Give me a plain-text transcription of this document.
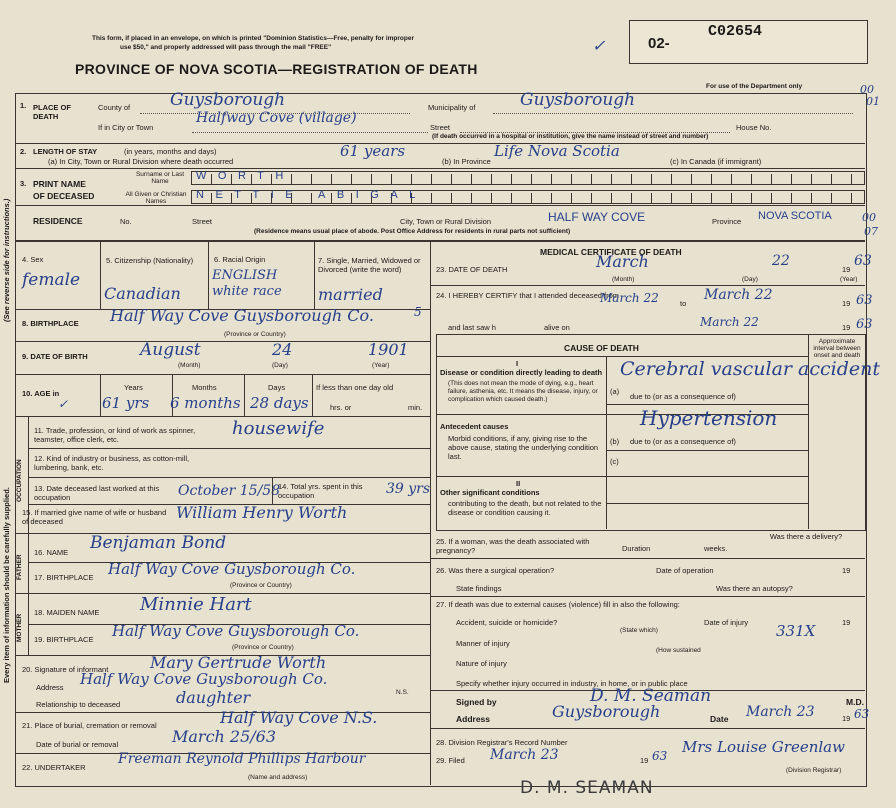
Every item of information should be carefully supplied.
(See reverse side for instructions.)
This form, if placed in an envelope, on which is printed "Dominion Statistics—Free, penalty for improper
use $50," and properly addressed will pass through the mail "FREE"
PROVINCE OF NOVA SCOTIA—REGISTRATION OF DEATH
✓	02-
C02654
For use of the Department only	00
01
1. PLACE OF DEATH
County of Guysborough	Municipality of	Guysborough
If in City or Town
Halfway Cove (village)
Street	House No.
(If death occurred in a hospital or institution, give the name instead of street and number)
2. LENGTH OF STAY	(in years, months and days)
(a) In City, Town or Rural Division where death occurred
61 years
(b) In Province
Life Nova Scotia
(c) In Canada (if immigrant)
3. PRINT NAME
OF DECEASED
Surname or Last Name
All Given or Christian Names
WORTH
NETTIE ABIGAL
RESIDENCE	No.	Street	City, Town or Rural Division	HALF WAY COVE	Province NOVA SCOTIA
(Residence means usual place of abode. Post Office Address for residents in rural parts not sufficient)
00
07
4. Sex
female
5. Citizenship (Nationality)
Canadian
6. Racial Origin
ENGLISH white race
7. Single, Married, Widowed or Divorced (write the word)
married
8. BIRTHPLACE Half Way Cove Guysborough Co.
(Province or Country)
9. DATE OF BIRTH	August	24	1901
(Month)	(Day)	(Year)
10. AGE in
Years	Months	Days
61 yrs 6 months 28 days
If less than one day old
hrs. or	min.
✓
OCCUPATION
11. Trade, profession, or kind of work as spinner, teamster, office clerk, etc.
housewife
12. Kind of industry or business, as cotton-mill, lumbering, bank, etc.
13. Date deceased last worked at this occupation	October 15/58
14. Total yrs. spent in this occupation	39 yrs
15. If married give name of wife or husband of deceased	William Henry Worth
FATHER
16. NAME Benjaman Bond
17. BIRTHPLACE Half Way Cove Guysborough Co.
(Province or Country)
MOTHER
18. MAIDEN NAME Minnie Hart
19. BIRTHPLACE Half Way Cove Guysborough Co.
(Province or Country)
20. Signature of informant	Mary Gertrude Worth
Address Half Way Cove Guysborough Co.
N.S.
Relationship to deceased	daughter
21. Place of burial, cremation or removal	Half Way Cove N.S.
Date of burial or removal	March 25/63
22. UNDERTAKER
Freeman Reynold Phillips Harbour
(Name and address)
MEDICAL CERTIFICATE OF DEATH
23. DATE OF DEATH	March	22
19
63
(Month)	(Day)	(Year)
24. I HEREBY CERTIFY that I attended deceased from
March 22	to
March 22
19 63
and last saw h	alive on	March 22	19 63
5
CAUSE OF DEATH
Approximate interval between onset and death
I
Disease or condition directly leading to death
(This does not mean the mode of dying, e.g., heart failure, asthenia, etc. It means the disease, injury, or complication which caused death.)
(a)
due to (or as a consequence of)
Cerebral vascular accident
Antecedent causes
Morbid conditions, if any, giving rise to the above cause, stating the underlying condition last.
(b) due to (or as a consequence of)
Hypertension
(c)
II
Other significant conditions
contributing to the death, but not related to the disease or condition causing it.
25. If a woman, was the death associated with pregnancy?	Duration	weeks.
Was there a delivery?
26. Was there a surgical operation?	Date of operation	19
State findings	Was there an autopsy?
27. If death was due to external causes (violence) fill in also the following:
Accident, suicide or homicide?
(State which)
Date of injury	19
Manner of injury
(How sustained
331X
Nature of injury
Specify whether injury occurred in industry, in home, or in public place
Signed by	D. M. Seaman	M.D.
Address	Guysborough	Date March 23	19 63
28. Division Registrar's Record Number
29. Filed March 23	19 63 Mrs Louise Greenlaw
(Division Registrar)
D. M. SEAMAN
